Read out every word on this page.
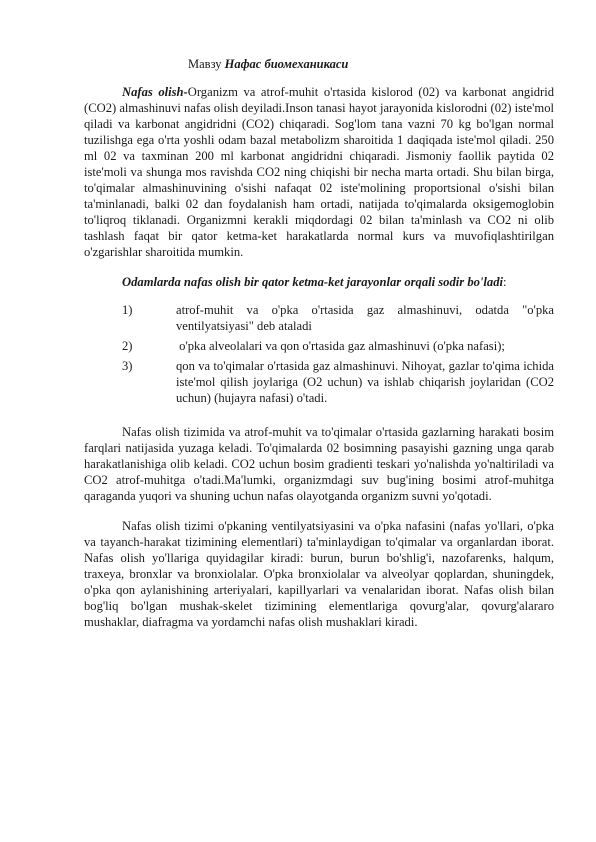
Мавзу Нафас биомеханикаси

Nafas olish-Organizm va atrof-muhit o'rtasida kislorod (02) va karbonat angidrid (CO2) almashinuvi nafas olish deyiladi.Inson tanasi hayot jarayonida kislorodni (02) iste'mol qiladi va karbonat angidridni (CO2) chiqaradi. Sog'lom tana vazni 70 kg bo'lgan normal tuzilishga ega o'rta yoshli odam bazal metabolizm sharoitida 1 daqiqada iste'mol qiladi. 250 ml 02 va taxminan 200 ml karbonat angidridni chiqaradi. Jismoniy faollik paytida 02 iste'moli va shunga mos ravishda CO2 ning chiqishi bir necha marta ortadi. Shu bilan birga, to'qimalar almashinuvining o'sishi nafaqat 02 iste'molining proportsional o'sishi bilan ta'minlanadi, balki 02 dan foydalanish ham ortadi, natijada to'qimalarda oksigemoglobin to'liqroq tiklanadi. Organizmni kerakli miqdordagi 02 bilan ta'minlash va CO2 ni olib tashlash faqat bir qator ketma-ket harakatlarda normal kurs va muvofiqlashtirilgan o'zgarishlar sharoitida mumkin.

Odamlarda nafas olish bir qator ketma-ket jarayonlar orqali sodir bo'ladi:

1)	atrof-muhit va o'pka o'rtasida gaz almashinuvi, odatda "o'pka ventilyatsiyasi" deb ataladi
2)	o'pka alveolalari va qon o'rtasida gaz almashinuvi (o'pka nafasi);
3)	qon va to'qimalar o'rtasida gaz almashinuvi. Nihoyat, gazlar to'qima ichida iste'mol qilish joylariga (O2 uchun) va ishlab chiqarish joylaridan (CO2 uchun) (hujayra nafasi) o'tadi.

Nafas olish tizimida va atrof-muhit va to'qimalar o'rtasida gazlarning harakati bosim farqlari natijasida yuzaga keladi. To'qimalarda 02 bosimning pasayishi gazning unga qarab harakatlanishiga olib keladi. CO2 uchun bosim gradienti teskari yo'nalishda yo'naltiriladi va CO2 atrof-muhitga o'tadi.Ma'lumki, organizmdagi suv bug'ining bosimi atrof-muhitga qaraganda yuqori va shuning uchun nafas olayotganda organizm suvni yo'qotadi.

Nafas olish tizimi o'pkaning ventilyatsiyasini va o'pka nafasini (nafas yo'llari, o'pka va tayanch-harakat tizimining elementlari) ta'minlaydigan to'qimalar va organlardan iborat. Nafas olish yo'llariga quyidagilar kiradi: burun, burun bo'shlig'i, nazofarenks, halqum, traxeya, bronxlar va bronxiolalar. O'pka bronxiolalar va alveolyar qoplardan, shuningdek, o'pka qon aylanishining arteriyalari, kapillyarlari va venalaridan iborat. Nafas olish bilan bog'liq bo'lgan mushak-skelet tizimining elementlariga qovurg'alar, qovurg'alararo mushaklar, diafragma va yordamchi nafas olish mushaklari kiradi.
